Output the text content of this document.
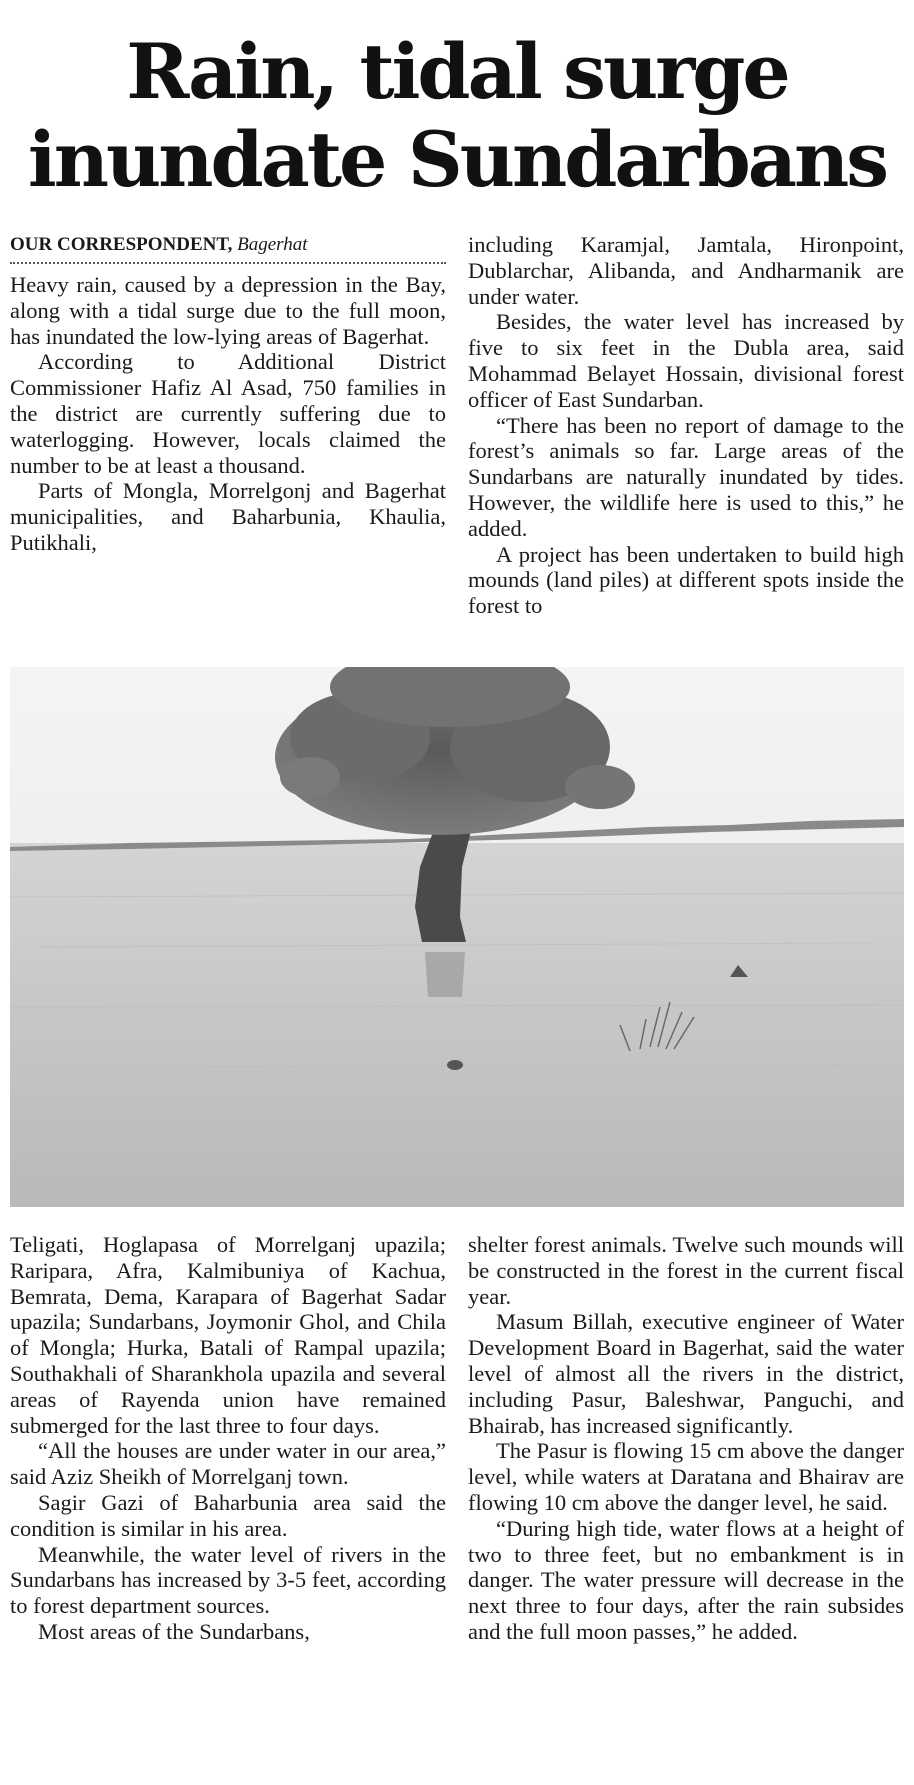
Rain, tidal surge
inundate Sundarbans
OUR CORRESPONDENT, Bagerhat

Heavy rain, caused by a depression in the Bay, along with a tidal surge due to the full moon, has inundated the low-lying areas of Bagerhat.

According to Additional District Commissioner Hafiz Al Asad, 750 families in the district are currently suffering due to waterlogging. However, locals claimed the number to be at least a thousand.

Parts of Mongla, Morrelgonj and Bagerhat municipalities, and Baharbunia, Khaulia, Putikhali,

including Karamjal, Jamtala, Hironpoint, Dublarchar, Alibanda, and Andharmanik are under water.

Besides, the water level has increased by five to six feet in the Dubla area, said Mohammad Belayet Hossain, divisional forest officer of East Sundarban.

“There has been no report of damage to the forest’s animals so far. Large areas of the Sundarbans are naturally inundated by tides. However, the wildlife here is used to this,” he added.

A project has been undertaken to build high mounds (land piles) at different spots inside the forest to

Teligati, Hoglapasa of Morrelganj upazila; Raripara, Afra, Kalmibuniya of Kachua, Bemrata, Dema, Karapara of Bagerhat Sadar upazila; Sundarbans, Joymonir Ghol, and Chila of Mongla; Hurka, Batali of Rampal upazila; Southakhali of Sharankhola upazila and several areas of Rayenda union have remained submerged for the last three to four days.

“All the houses are under water in our area,” said Aziz Sheikh of Morrelganj town.

Sagir Gazi of Baharbunia area said the condition is similar in his area.

Meanwhile, the water level of rivers in the Sundarbans has increased by 3-5 feet, according to forest department sources.

Most areas of the Sundarbans,

shelter forest animals. Twelve such mounds will be constructed in the forest in the current fiscal year.

Masum Billah, executive engineer of Water Development Board in Bagerhat, said the water level of almost all the rivers in the district, including Pasur, Baleshwar, Panguchi, and Bhairab, has increased significantly.

The Pasur is flowing 15 cm above the danger level, while waters at Daratana and Bhairav are flowing 10 cm above the danger level, he said.

“During high tide, water flows at a height of two to three feet, but no embankment is in danger. The water pressure will decrease in the next three to four days, after the rain subsides and the full moon passes,” he added.
